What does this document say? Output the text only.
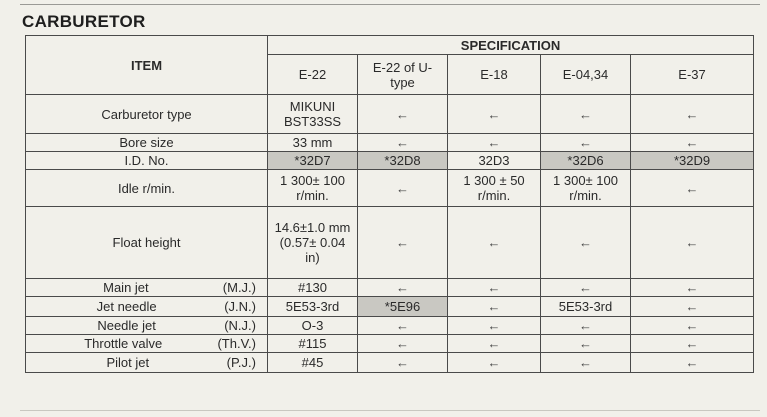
CARBURETOR
ITEM	SPECIFICATION				
	E-22	E-22 of U-type	E-18	E-04,34	E-37
Carburetor type	MIKUNI BST33SS	←	←	←	←
Bore size	33 mm	←	←	←	←
I.D. No.	*32D7	*32D8	32D3	*32D6	*32D9
Idle r/min.	1 300± 100 r/min.	←	1 300 ± 50 r/min.	1 300± 100 r/min.	←
Float height	14.6±1.0 mm (0.57± 0.04 in)	←	←	←	←
Main jet (M.J.)	#130	←	←	←	←
Jet needle (J.N.)	5E53-3rd	*5E96	←	5E53-3rd	←
Needle jet (N.J.)	O-3	←	←	←	←
Throttle valve (Th.V.)	#115	←	←	←	←
Pilot jet (P.J.)	#45	←	←	←	←
